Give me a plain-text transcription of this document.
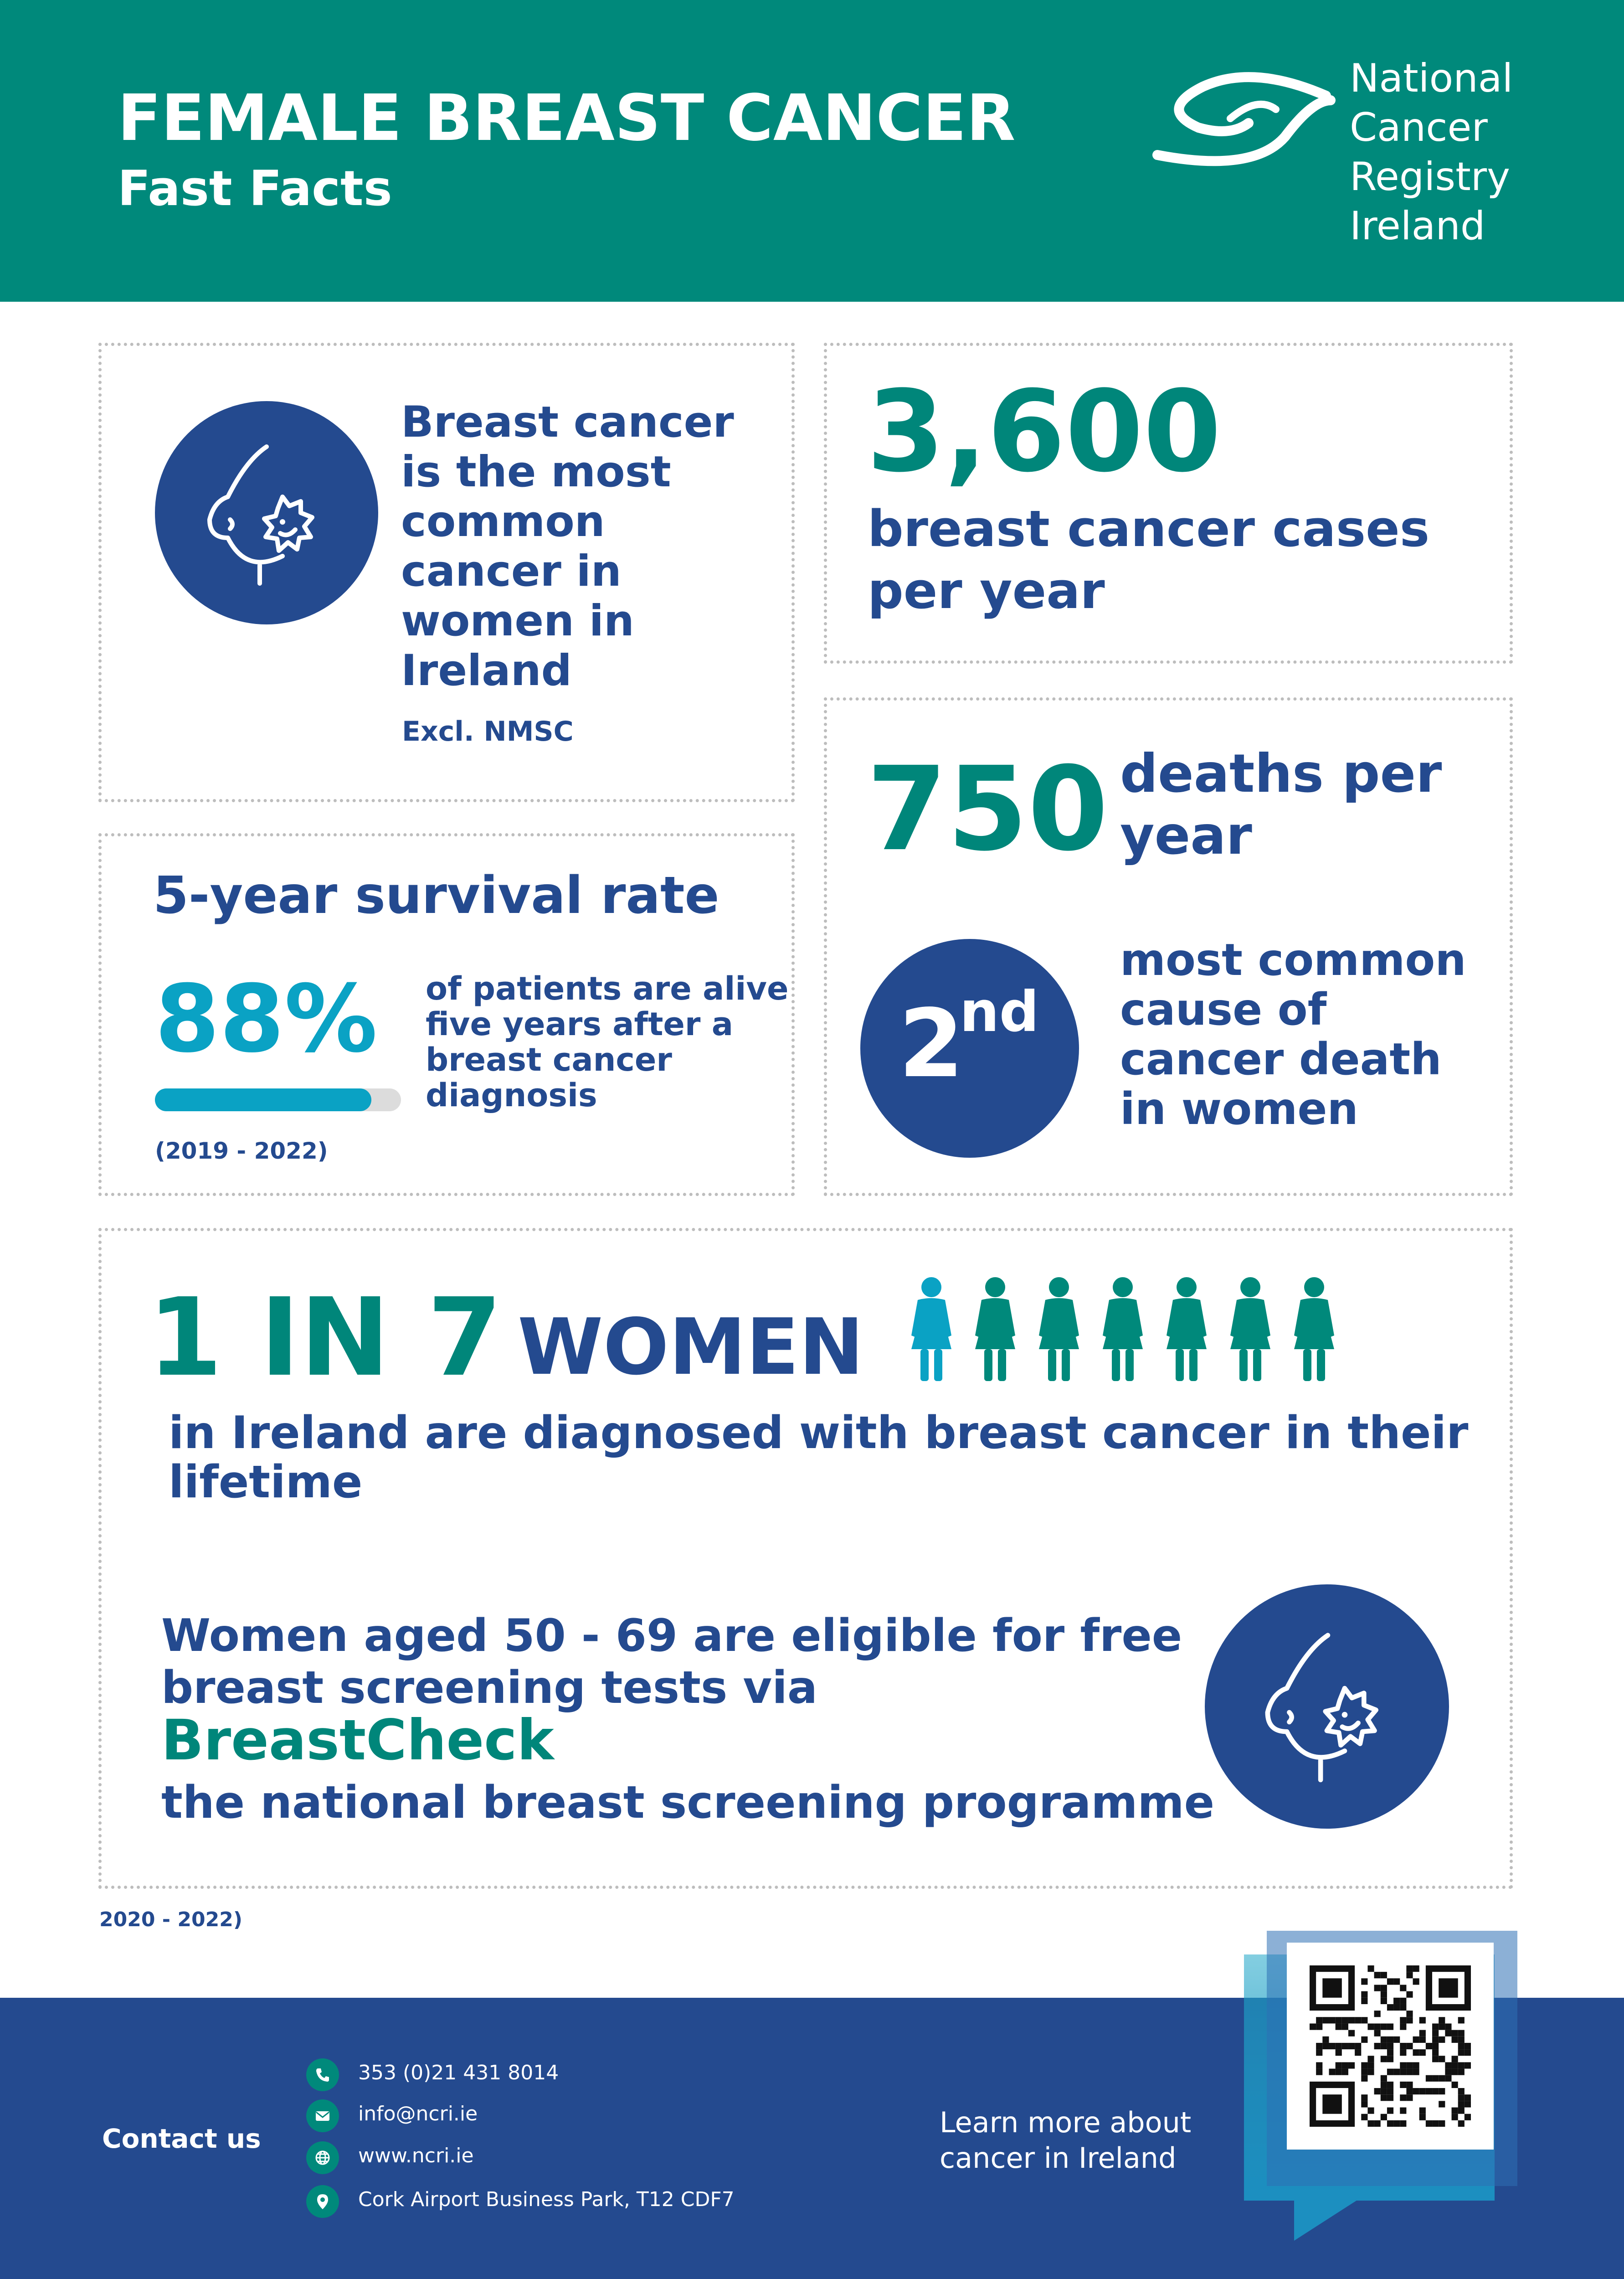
FEMALE BREAST CANCER
Fast Facts
National
Cancer
Registry
Ireland
Breast cancer
is the most
common
cancer in
women in
Ireland
Excl. NMSC
3,600
breast cancer cases
per year
5-year survival rate
88% of patients are alive
five years after a
breast cancer
diagnosis
(2019 - 2022)
750 deaths per
year
2
nd
most common
cause of
cancer death
in women
1 IN 7 WOMEN
in Ireland are diagnosed with breast cancer in their
lifetime
Women aged 50 - 69 are eligible for free
breast screening tests via
BreastCheck
the national breast screening programme
2020 - 2022)
Contact us
353 (0)21 431 8014
info@ncri.ie
www.ncri.ie
Cork Airport Business Park, T12 CDF7
Learn more about
cancer in Ireland
